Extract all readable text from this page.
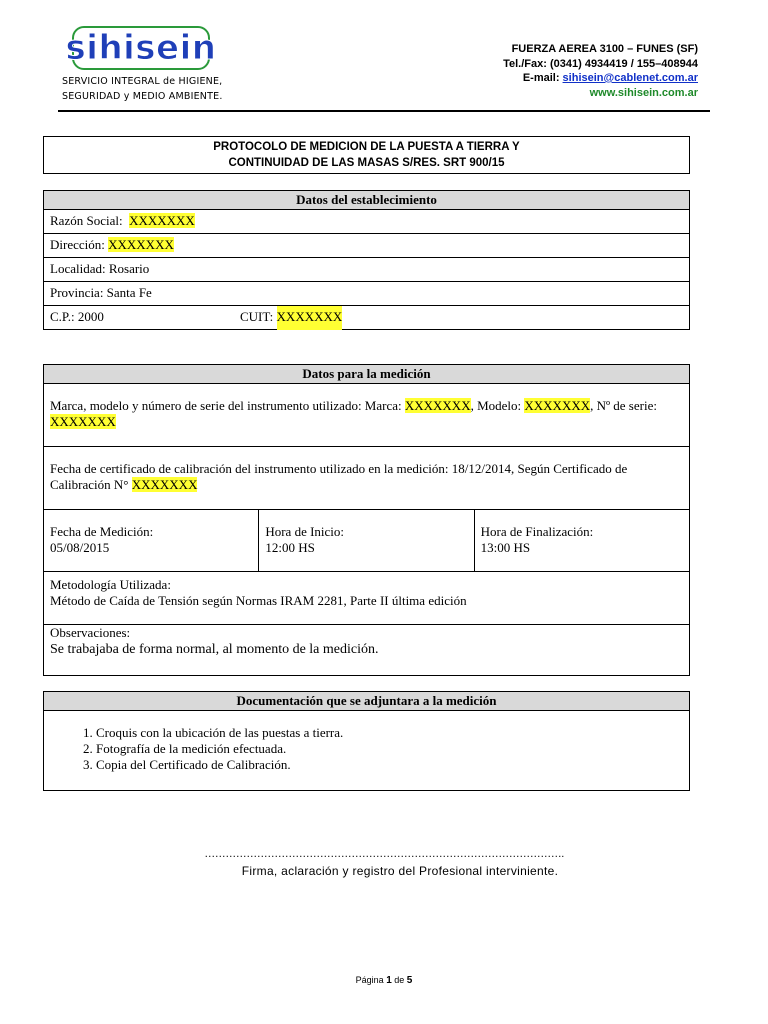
sihisein
SERVICIO INTEGRAL de HIGIENE,
SEGURIDAD y MEDIO AMBIENTE.
FUERZA AEREA 3100 – FUNES (SF)
Tel./Fax: (0341) 4934419 / 155–408944
E-mail: sihisein@cablenet.com.ar
www.sihisein.com.ar
PROTOCOLO DE MEDICION DE LA PUESTA A TIERRA Y
CONTINUIDAD DE LAS MASAS S/RES. SRT 900/15
Datos del establecimiento
Razón Social:  XXXXXXX
Dirección: XXXXXXX
Localidad: Rosario
Provincia: Santa Fe
C.P.: 2000	CUIT: XXXXXXX
Datos para la medición
Marca, modelo y número de serie del instrumento utilizado: Marca: XXXXXXX, Modelo: XXXXXXX, Nº de serie: XXXXXXX
Fecha de certificado de calibración del instrumento utilizado en la medición: 18/12/2014, Según Certificado de Calibración N° XXXXXXX
Fecha de Medición:
05/08/2015
Hora de Inicio:
12:00 HS
Hora de Finalización:
13:00 HS
Metodología Utilizada:
Método de Caída de Tensión según Normas IRAM 2281, Parte II última edición
Observaciones:
Se trabajaba de forma normal, al momento de la medición.
Documentación que se adjuntara a la medición
1. Croquis con la ubicación de las puestas a tierra.
2. Fotografía de la medición efectuada.
3. Copia del Certificado de Calibración.
………………………………………………………………………………………….
Firma, aclaración y registro del Profesional interviniente.
Página 1 de 5
